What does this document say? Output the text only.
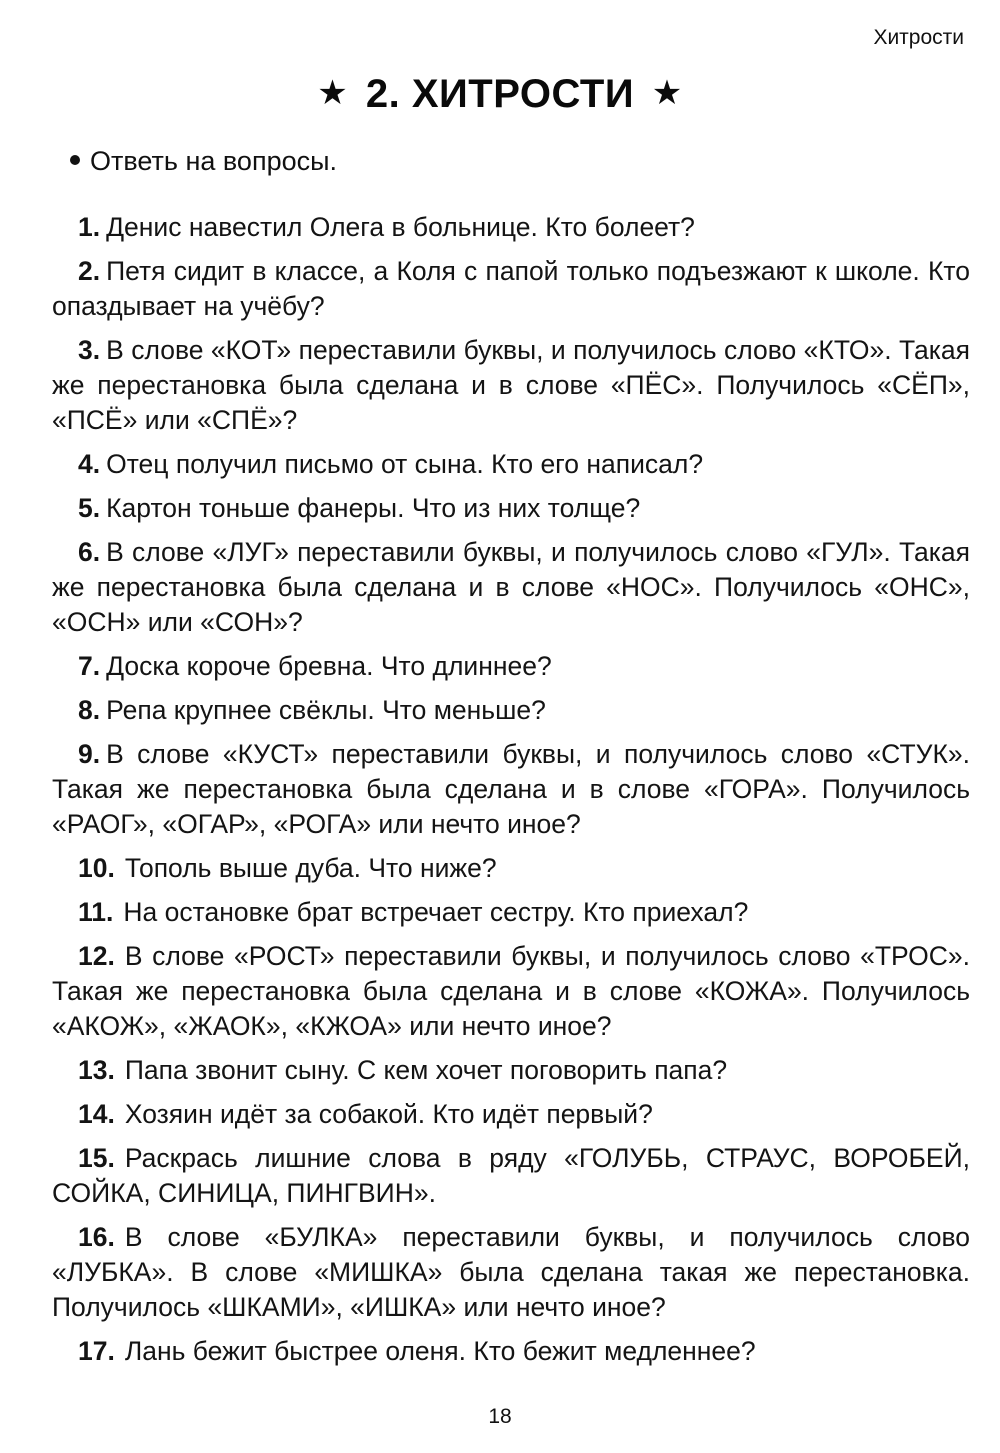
Хитрости
★ 2. ХИТРОСТИ ★
Ответь на вопросы.
1. Денис навестил Олега в больнице. Кто болеет?
2. Петя сидит в классе, а Коля с папой только подъезжают к школе. Кто опаздывает на учёбу?
3. В слове «КОТ» переставили буквы, и получилось слово «КТО». Такая же перестановка была сделана и в слове «ПЁС». Получилось «СЁП», «ПСЁ» или «СПЁ»?
4. Отец получил письмо от сына. Кто его написал?
5. Картон тоньше фанеры. Что из них толще?
6. В слове «ЛУГ» переставили буквы, и получилось слово «ГУЛ». Такая же перестановка была сделана и в слове «НОС». Получилось «ОНС», «ОСН» или «СОН»?
7. Доска короче бревна. Что длиннее?
8. Репа крупнее свёклы. Что меньше?
9. В слове «КУСТ» переставили буквы, и получилось слово «СТУК». Такая же перестановка была сделана и в слове «ГОРА». Получилось «РАОГ», «ОГАР», «РОГА» или нечто иное?
10. Тополь выше дуба. Что ниже?
11. На остановке брат встречает сестру. Кто приехал?
12. В слове «РОСТ» переставили буквы, и получилось слово «ТРОС». Такая же перестановка была сделана и в слове «КОЖА». Получилось «АКОЖ», «ЖАОК», «КЖОА» или нечто иное?
13. Папа звонит сыну. С кем хочет поговорить папа?
14. Хозяин идёт за собакой. Кто идёт первый?
15. Раскрась лишние слова в ряду «ГОЛУБЬ, СТРАУС, ВОРОБЕЙ, СОЙКА, СИНИЦА, ПИНГВИН».
16. В слове «БУЛКА» переставили буквы, и получилось слово «ЛУБКА». В слове «МИШКА» была сделана такая же перестановка. Получилось «ШКАМИ», «ИШКА» или нечто иное?
17. Лань бежит быстрее оленя. Кто бежит медленнее?
18
